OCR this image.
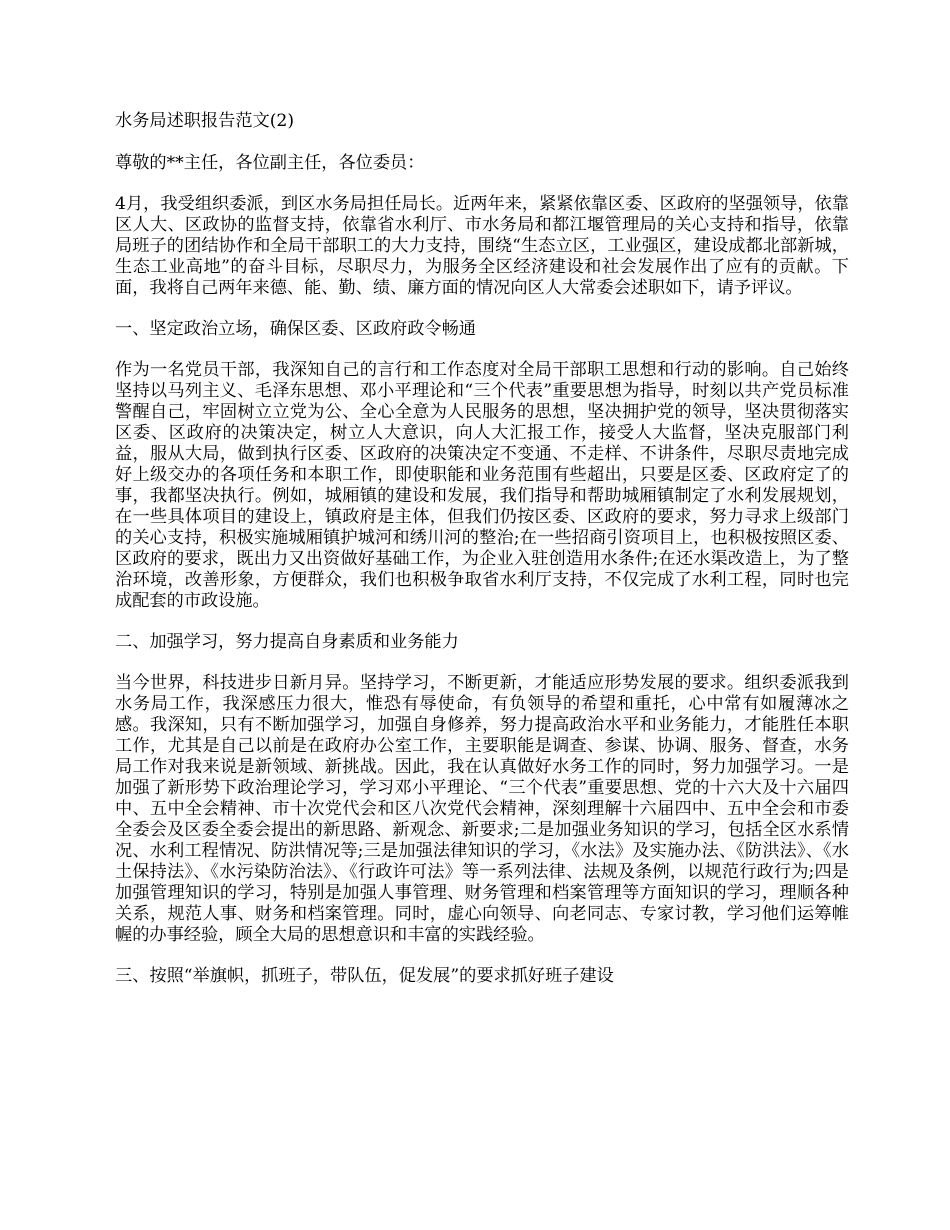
水务局述职报告范文(2)

尊敬的**主任，各位副主任，各位委员：

4月，我受组织委派，到区水务局担任局长。近两年来，紧紧依靠区委、区政府的坚强领导，依靠区人大、区政协的监督支持，依靠省水利厅、市水务局和都江堰管理局的关心支持和指导，依靠局班子的团结协作和全局干部职工的大力支持，围绕“生态立区，工业强区，建设成都北部新城，生态工业高地”的奋斗目标，尽职尽力，为服务全区经济建设和社会发展作出了应有的贡献。下面，我将自己两年来德、能、勤、绩、廉方面的情况向区人大常委会述职如下，请予评议。

一、坚定政治立场，确保区委、区政府政令畅通

作为一名党员干部，我深知自己的言行和工作态度对全局干部职工思想和行动的影响。自己始终坚持以马列主义、毛泽东思想、邓小平理论和“三个代表”重要思想为指导，时刻以共产党员标准警醒自己，牢固树立立党为公、全心全意为人民服务的思想，坚决拥护党的领导，坚决贯彻落实区委、区政府的决策决定，树立人大意识，向人大汇报工作，接受人大监督，坚决克服部门利益，服从大局，做到执行区委、区政府的决策决定不变通、不走样、不讲条件，尽职尽责地完成好上级交办的各项任务和本职工作，即使职能和业务范围有些超出，只要是区委、区政府定了的事，我都坚决执行。例如，城厢镇的建设和发展，我们指导和帮助城厢镇制定了水利发展规划，在一些具体项目的建设上，镇政府是主体，但我们仍按区委、区政府的要求，努力寻求上级部门的关心支持，积极实施城厢镇护城河和绣川河的整治;在一些招商引资项目上，也积极按照区委、区政府的要求，既出力又出资做好基础工作，为企业入驻创造用水条件;在还水渠改造上，为了整治环境，改善形象，方便群众，我们也积极争取省水利厅支持，不仅完成了水利工程，同时也完成配套的市政设施。

二、加强学习，努力提高自身素质和业务能力

当今世界，科技进步日新月异。坚持学习，不断更新，才能适应形势发展的要求。组织委派我到水务局工作，我深感压力很大，惟恐有辱使命，有负领导的希望和重托，心中常有如履薄冰之感。我深知，只有不断加强学习，加强自身修养，努力提高政治水平和业务能力，才能胜任本职工作，尤其是自己以前是在政府办公室工作，主要职能是调查、参谋、协调、服务、督查，水务局工作对我来说是新领域、新挑战。因此，我在认真做好水务工作的同时，努力加强学习。一是加强了新形势下政治理论学习，学习邓小平理论、“三个代表”重要思想、党的十六大及十六届四中、五中全会精神、市十次党代会和区八次党代会精神，深刻理解十六届四中、五中全会和市委全委会及区委全委会提出的新思路、新观念、新要求;二是加强业务知识的学习，包括全区水系情况、水利工程情况、防洪情况等;三是加强法律知识的学习，《水法》及实施办法、《防洪法》、《水土保持法》、《水污染防治法》、《行政许可法》等一系列法律、法规及条例，以规范行政行为;四是加强管理知识的学习，特别是加强人事管理、财务管理和档案管理等方面知识的学习，理顺各种关系，规范人事、财务和档案管理。同时，虚心向领导、向老同志、专家讨教，学习他们运筹帷幄的办事经验，顾全大局的思想意识和丰富的实践经验。

三、按照“举旗帜，抓班子，带队伍，促发展”的要求抓好班子建设
